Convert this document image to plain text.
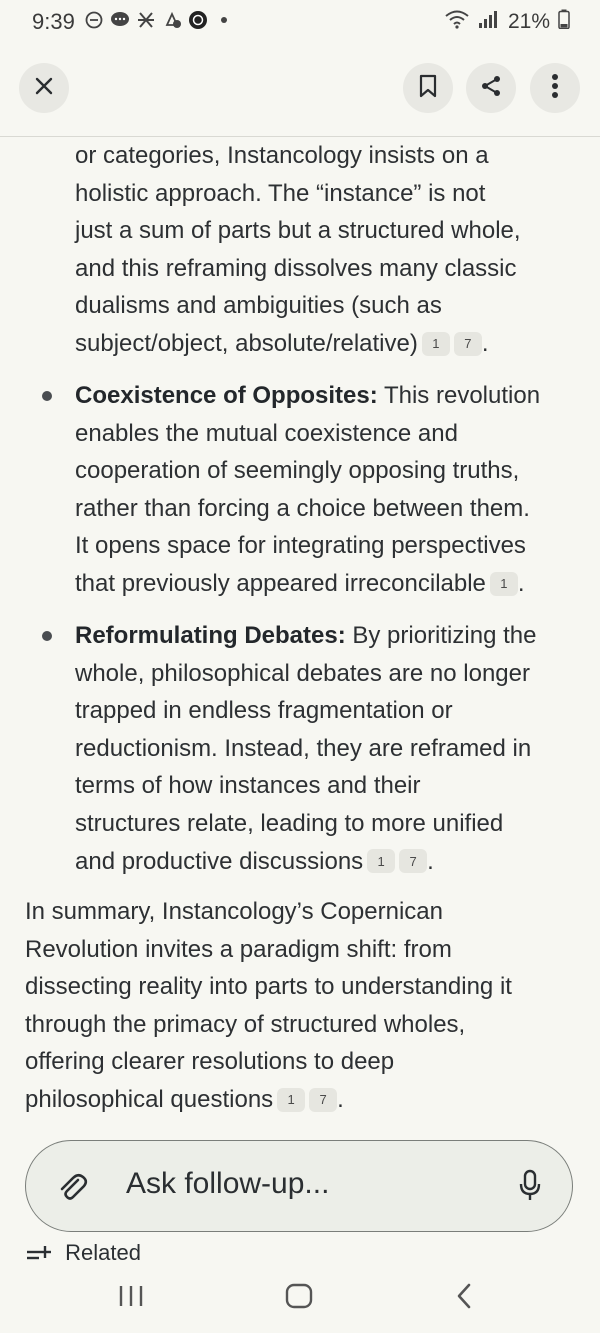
9:39	21%

or categories, Instancology insists on a

holistic approach. The “instance” is not

just a sum of parts but a structured whole,

and this reframing dissolves many classic

dualisms and ambiguities (such as

subject/object, absolute/relative) 1 7 .

Coexistence of Opposites: This revolution

enables the mutual coexistence and

cooperation of seemingly opposing truths,

rather than forcing a choice between them.

It opens space for integrating perspectives

that previously appeared irreconcilable 1 .

Reformulating Debates: By prioritizing the

whole, philosophical debates are no longer

trapped in endless fragmentation or

reductionism. Instead, they are reframed in

terms of how instances and their

structures relate, leading to more unified

and productive discussions 1 7 .

In summary, Instancology’s Copernican

Revolution invites a paradigm shift: from

dissecting reality into parts to understanding it

through the primacy of structured wholes,

offering clearer resolutions to deep

philosophical questions 1 7 .

Ask follow-up...
Related
